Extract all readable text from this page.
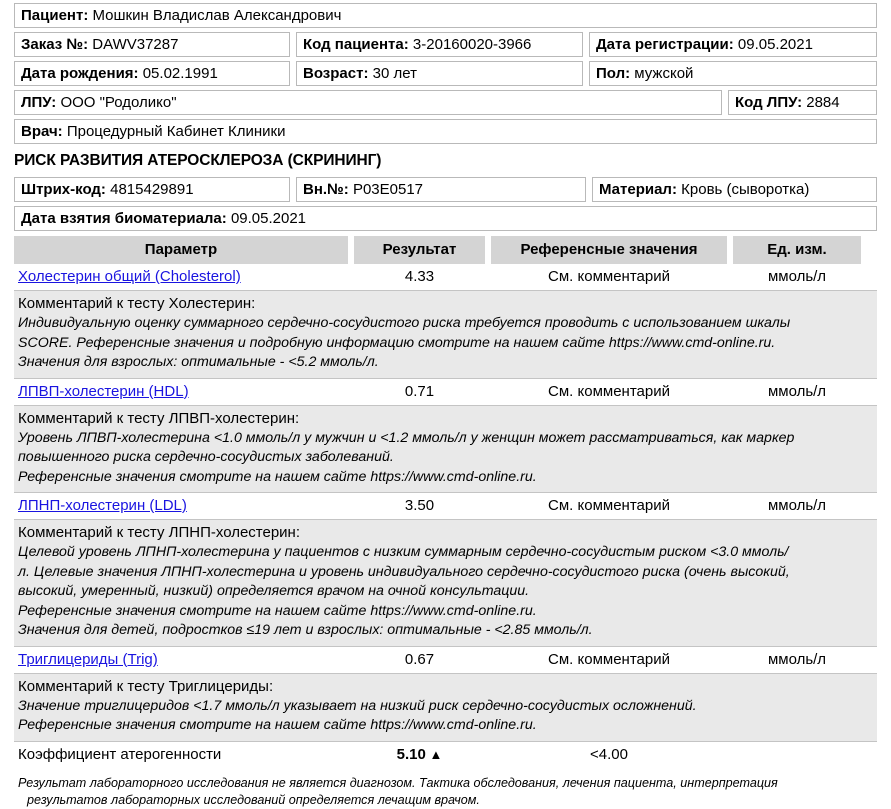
Пациент: Мошкин Владислав Александрович
Заказ №: DAWV37287	Код пациента: 3-20160020-3966	Дата регистрации: 09.05.2021
Дата рождения: 05.02.1991	Возраст: 30 лет	Пол: мужской
ЛПУ: ООО "Родолико"	Код ЛПУ: 2884
Врач: Процедурный Кабинет Клиники
РИСК РАЗВИТИЯ АТЕРОСКЛЕРОЗА (СКРИНИНГ)
Штрих-код: 4815429891	Вн.№: P03E0517	Материал: Кровь (сыворотка)
Дата взятия биоматериала: 09.05.2021
Параметр	Результат	Референсные значения	Ед. изм.
Холестерин общий (Cholesterol)	4.33	См. комментарий	ммоль/л
Комментарий к тесту Холестерин:
Индивидуальную оценку суммарного сердечно-сосудистого риска требуется проводить с использованием шкалы
SCORE. Референсные значения и подробную информацию смотрите на нашем сайте https://www.cmd-online.ru.
Значения для взрослых: оптимальные - <5.2 ммоль/л.
ЛПВП-холестерин (HDL)	0.71	См. комментарий	ммоль/л
Комментарий к тесту ЛПВП-холестерин:
Уровень ЛПВП-холестерина <1.0 ммоль/л у мужчин и <1.2 ммоль/л у женщин может рассматриваться, как маркер
повышенного риска сердечно-сосудистых заболеваний.
Референсные значения смотрите на нашем сайте https://www.cmd-online.ru.
ЛПНП-холестерин (LDL)	3.50	См. комментарий	ммоль/л
Комментарий к тесту ЛПНП-холестерин:
Целевой уровень ЛПНП-холестерина у пациентов с низким суммарным сердечно-сосудистым риском <3.0 ммоль/
л. Целевые значения ЛПНП-холестерина и уровень индивидуального сердечно-сосудистого риска (очень высокий,
высокий, умеренный, низкий) определяется врачом на очной консультации.
Референсные значения смотрите на нашем сайте https://www.cmd-online.ru.
Значения для детей, подростков ≤19 лет и взрослых: оптимальные - <2.85 ммоль/л.
Триглицериды (Trig)	0.67	См. комментарий	ммоль/л
Комментарий к тесту Триглицериды:
Значение триглицеридов <1.7 ммоль/л указывает на низкий риск сердечно-сосудистых осложнений.
Референсные значения смотрите на нашем сайте https://www.cmd-online.ru.
Коэффициент атерогенности	5.10 ▲	<4.00
Результат лабораторного исследования не является диагнозом. Тактика обследования, лечения пациента, интерпретация
результатов лабораторных исследований определяется лечащим врачом.
